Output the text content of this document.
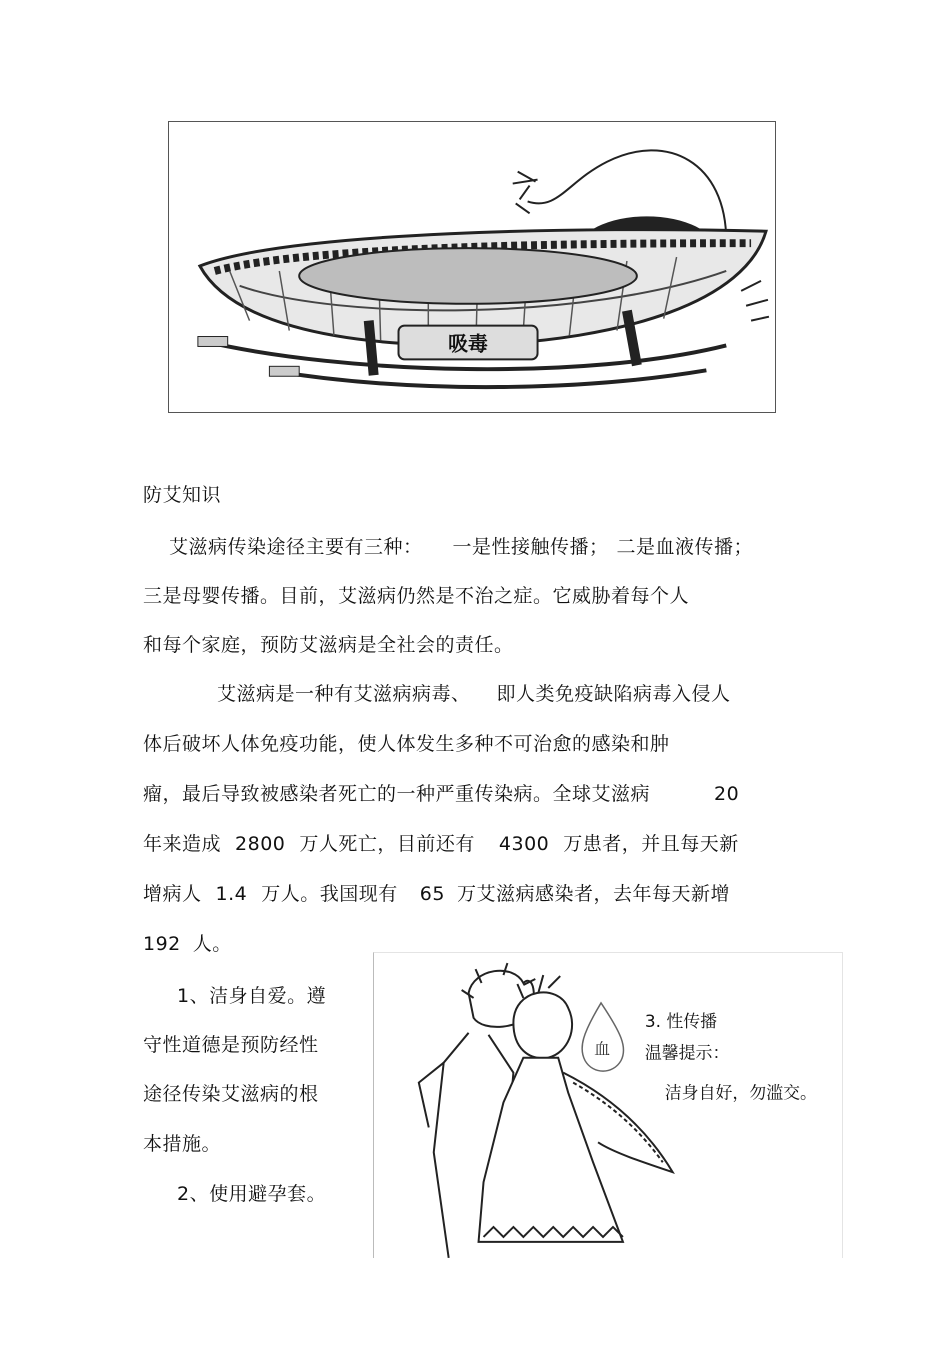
吸毒
防艾知识
艾滋病传染途径主要有三种： 一是性接触传播； 二是血液传播；
三是母婴传播。目前，艾滋病仍然是不治之症。它威胁着每个人
和每个家庭，预防艾滋病是全社会的责任。
艾滋病是一种有艾滋病病毒、 即人类免疫缺陷病毒入侵人
体后破坏人体免疫功能，使人体发生多种不可治愈的感染和肿
瘤，最后导致被感染者死亡的一种严重传染病。全球艾滋病	20
年来造成 2800 万人死亡，目前还有 4300 万患者，并且每天新
增病人 1.4 万人。我国现有 65 万艾滋病感染者，去年每天新增
192 人。
1、洁身自爱。遵
守性道德是预防经性
途径传染艾滋病的根
本措施。
2、使用避孕套。
血
3. 性传播
温馨提示：
洁身自好，勿滥交。
